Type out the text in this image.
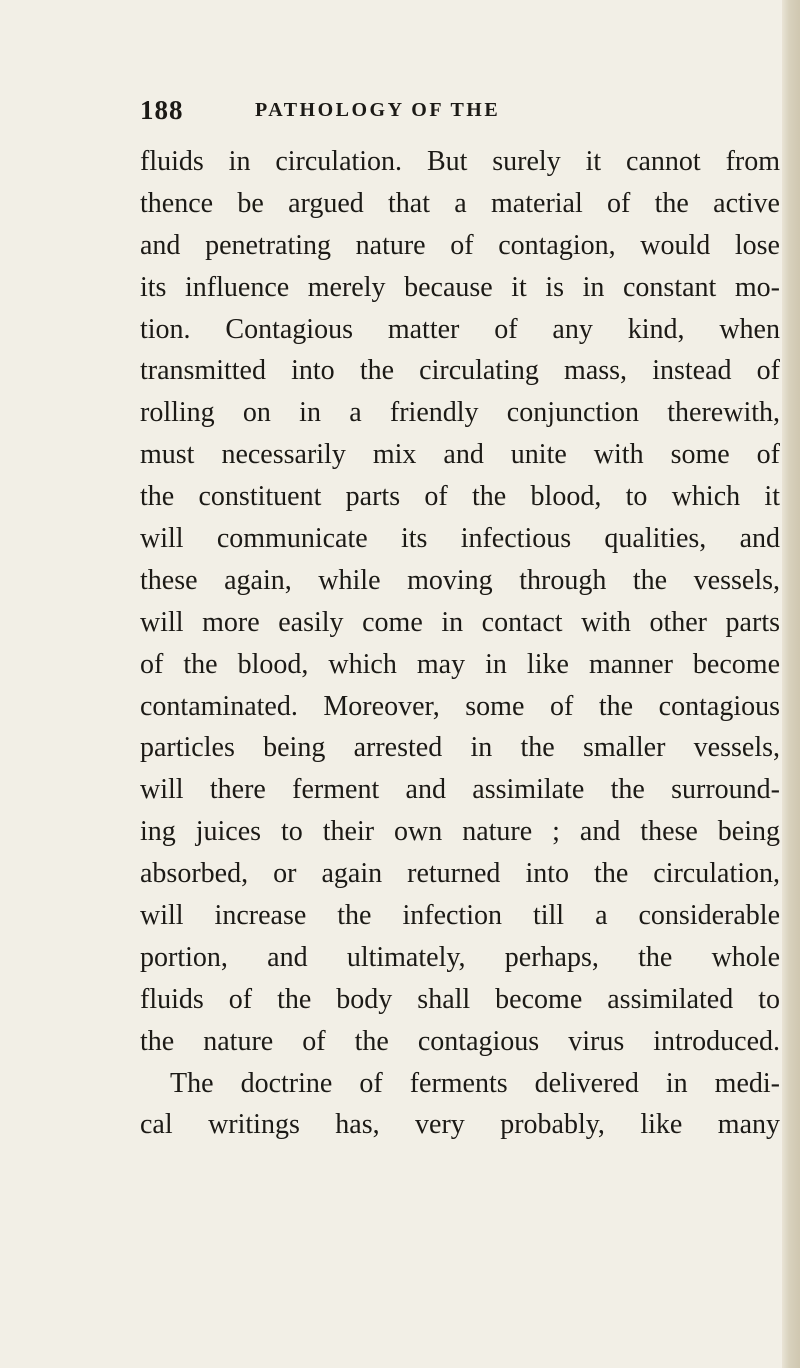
188	PATHOLOGY OF THE
fluids in circulation. But surely it cannot from
thence be argued that a material of the active
and penetrating nature of contagion, would lose
its influence merely because it is in constant mo-
tion. Contagious matter of any kind, when
transmitted into the circulating mass, instead of
rolling on in a friendly conjunction therewith,
must necessarily mix and unite with some of
the constituent parts of the blood, to which it
will communicate its infectious qualities, and
these again, while moving through the vessels,
will more easily come in contact with other parts
of the blood, which may in like manner become
contaminated. Moreover, some of the contagious
particles being arrested in the smaller vessels,
will there ferment and assimilate the surround-
ing juices to their own nature ; and these being
absorbed, or again returned into the circulation,
will increase the infection till a considerable
portion, and ultimately, perhaps, the whole
fluids of the body shall become assimilated to
the nature of the contagious virus introduced.
The doctrine of ferments delivered in medi-
cal writings has, very probably, like many
